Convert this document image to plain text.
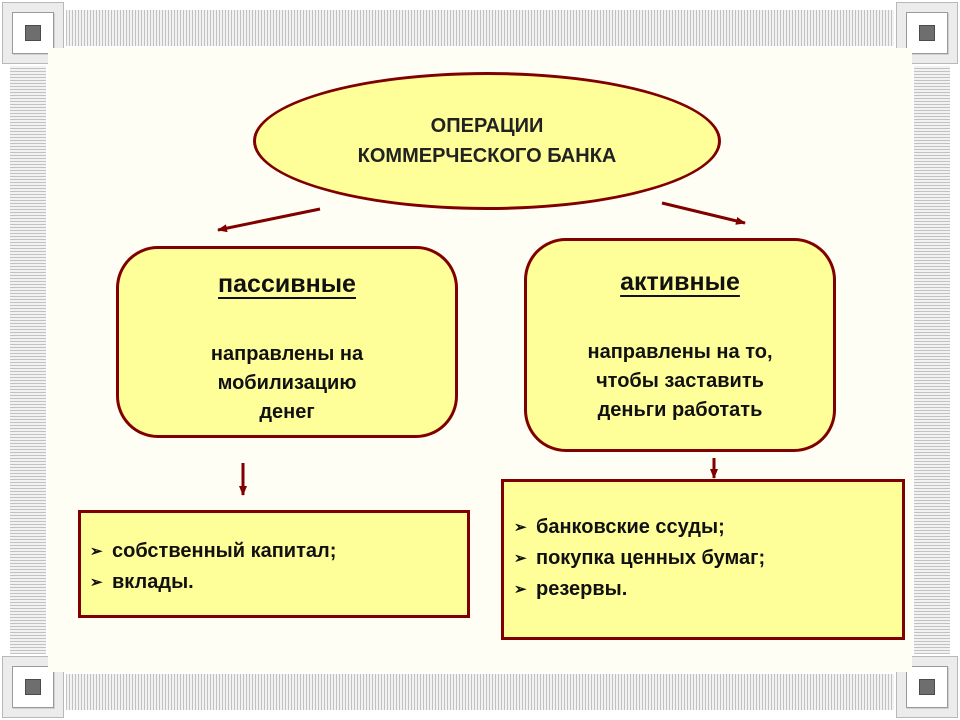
ОПЕРАЦИИ
КОММЕРЧЕСКОГО БАНКА
пассивные
направлены на
мобилизацию
денег
активные
направлены на то,
чтобы заставить
деньги работать
➢ собственный капитал;
➢ вклады.
➢ банковские ссуды;
➢ покупка ценных бумаг;
➢ резервы.
